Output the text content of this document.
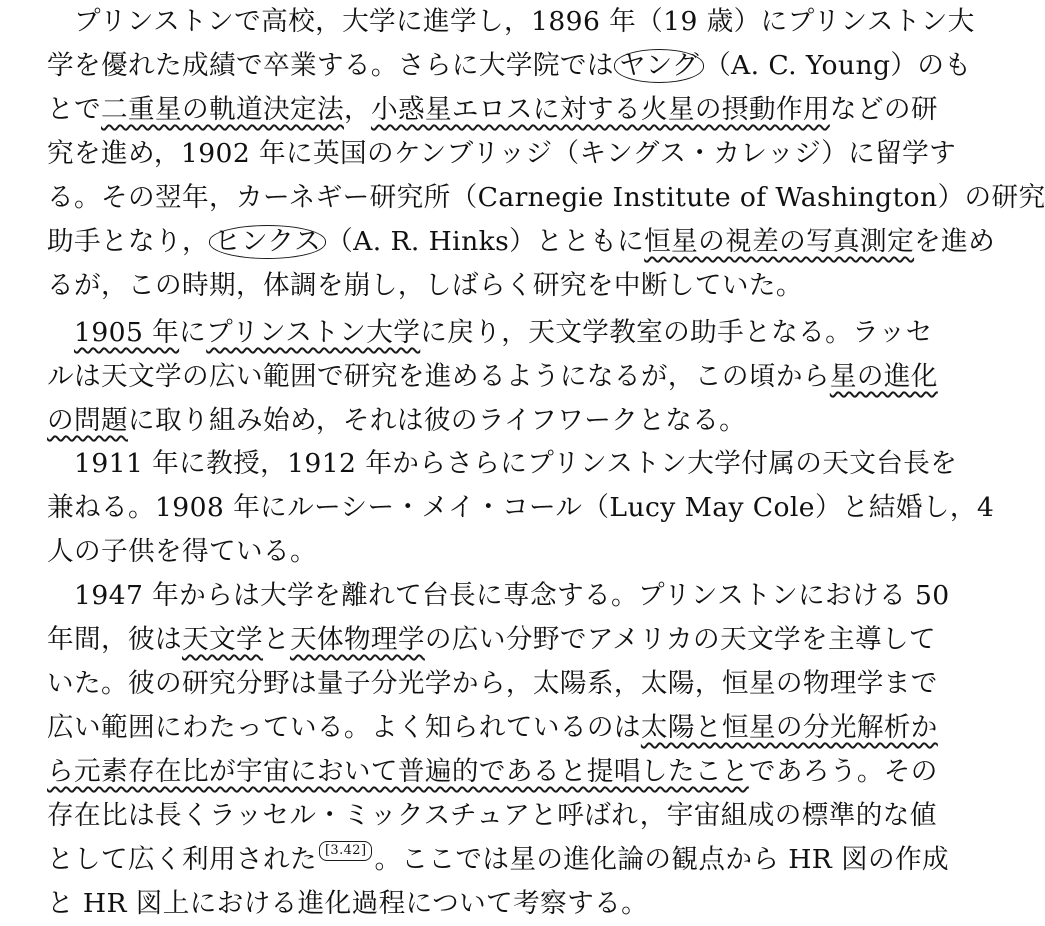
　プリンストンで高校，大学に進学し，1896 年（19 歳）にプリンストン大
学を優れた成績で卒業する。さらに大学院では ヤング （A. C. Young）のも
とで二重星の軌道決定法，小惑星エロスに対する火星の摂動作用などの研
究を進め，1902 年に英国のケンブリッジ（キングス・カレッジ）に留学す
る。その翌年，カーネギー研究所（Carnegie Institute of Washington）の研究
助手となり， ヒンクス （A. R. Hinks）とともに恒星の視差の写真測定を進め
るが，この時期，体調を崩し，しばらく研究を中断していた。
　1905 年にプリンストン大学に戻り，天文学教室の助手となる。ラッセ
ルは天文学の広い範囲で研究を進めるようになるが，この頃から星の進化
の問題に取り組み始め，それは彼のライフワークとなる。
　1911 年に教授，1912 年からさらにプリンストン大学付属の天文台長を
兼ねる。1908 年にルーシー・メイ・コール（Lucy May Cole）と結婚し，4
人の子供を得ている。
　1947 年からは大学を離れて台長に専念する。プリンストンにおける 50
年間，彼は天文学と天体物理学の広い分野でアメリカの天文学を主導して
いた。彼の研究分野は量子分光学から，太陽系，太陽，恒星の物理学まで
広い範囲にわたっている。よく知られているのは太陽と恒星の分光解析か
ら元素存在比が宇宙において普遍的であると提唱したことであろう。その
存在比は長くラッセル・ミックスチュアと呼ばれ，宇宙組成の標準的な値
として広く利用された [3.42] 。ここでは星の進化論の観点から HR 図の作成
と HR 図上における進化過程について考察する。
